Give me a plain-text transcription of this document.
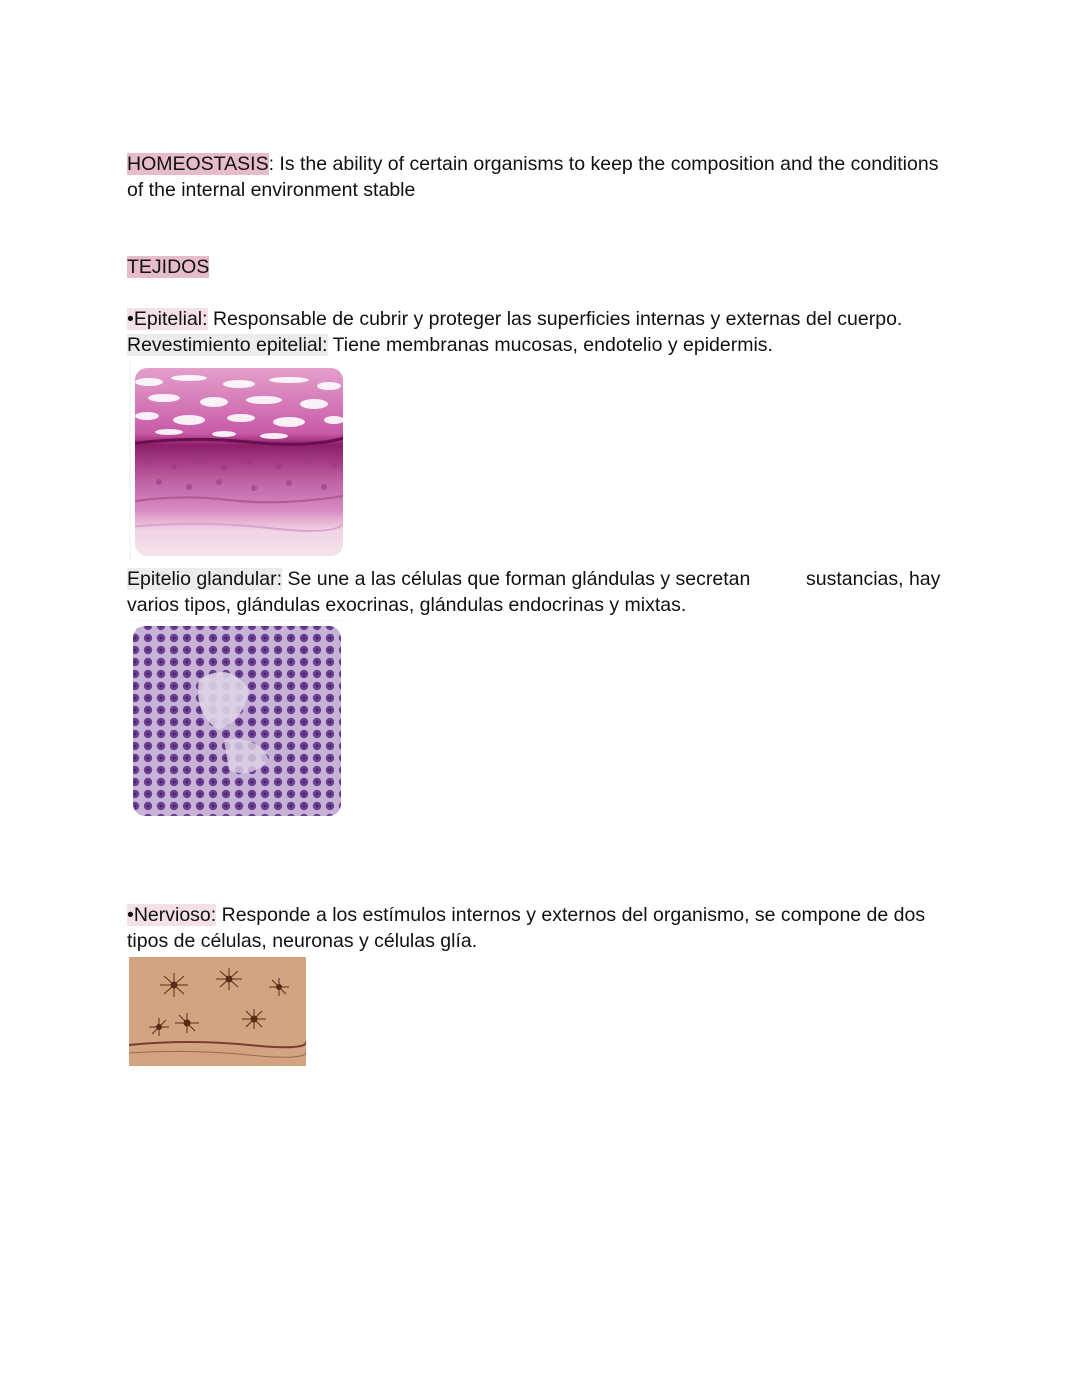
HOMEOSTASIS: Is the ability of certain organisms to keep the composition and the conditions of the internal environment stable

TEJIDOS

•Epitelial: Responsable de cubrir y proteger las superficies internas y externas del cuerpo.
Revestimiento epitelial: Tiene membranas mucosas, endotelio y epidermis.

Epitelio glandular: Se une a las células que forman glándulas y secretan	sustancias, hay

varios tipos, glándulas exocrinas, glándulas endocrinas y mixtas.

•Nervioso: Responde a los estímulos internos y externos del organismo, se compone de dos tipos de células, neuronas y células glía.
